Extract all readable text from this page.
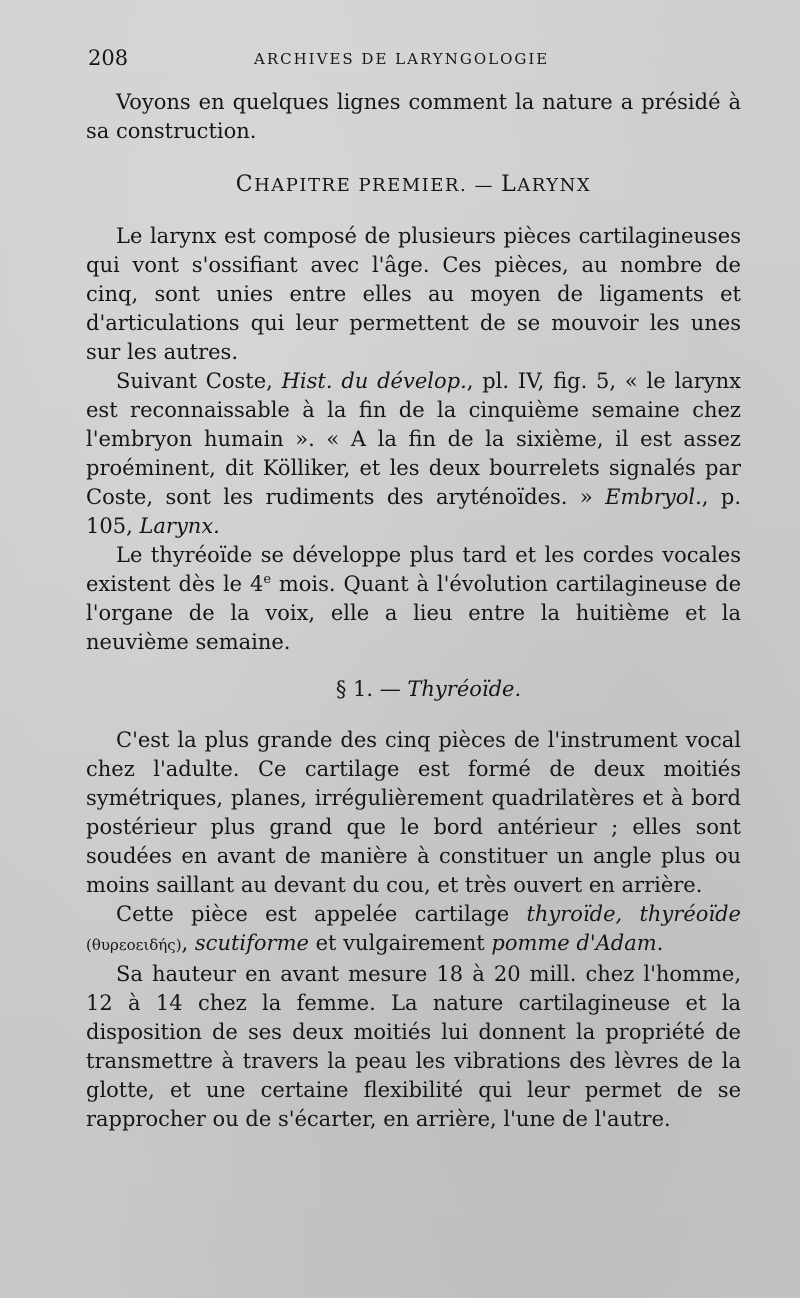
208	ARCHIVES DE LARYNGOLOGIE

Voyons en quelques lignes comment la nature a présidé à sa construction.

CHAPITRE PREMIER. — LARYNX

Le larynx est composé de plusieurs pièces cartilagineuses qui vont s'ossifiant avec l'âge. Ces pièces, au nombre de cinq, sont unies entre elles au moyen de ligaments et d'articulations qui leur permettent de se mouvoir les unes sur les autres.

Suivant Coste, Hist. du dévelop., pl. IV, fig. 5, « le larynx est reconnaissable à la fin de la cinquième semaine chez l'embryon humain ». « A la fin de la sixième, il est assez proéminent, dit Kölliker, et les deux bourrelets signalés par Coste, sont les rudiments des aryténoïdes. » Embryol., p. 105, Larynx.

Le thyréoïde se développe plus tard et les cordes vocales existent dès le 4e mois. Quant à l'évolution cartilagineuse de l'organe de la voix, elle a lieu entre la huitième et la neuvième semaine.

§ 1. — Thyréoïde.

C'est la plus grande des cinq pièces de l'instrument vocal chez l'adulte. Ce cartilage est formé de deux moitiés symétriques, planes, irrégulièrement quadrilatères et à bord postérieur plus grand que le bord antérieur ; elles sont soudées en avant de manière à constituer un angle plus ou moins saillant au devant du cou, et très ouvert en arrière.

Cette pièce est appelée cartilage thyroïde, thyréoïde (θυρεοειδής), scutiforme et vulgairement pomme d'Adam.

Sa hauteur en avant mesure 18 à 20 mill. chez l'homme, 12 à 14 chez la femme. La nature cartilagineuse et la disposition de ses deux moitiés lui donnent la propriété de transmettre à travers la peau les vibrations des lèvres de la glotte, et une certaine flexibilité qui leur permet de se rapprocher ou de s'écarter, en arrière, l'une de l'autre.
